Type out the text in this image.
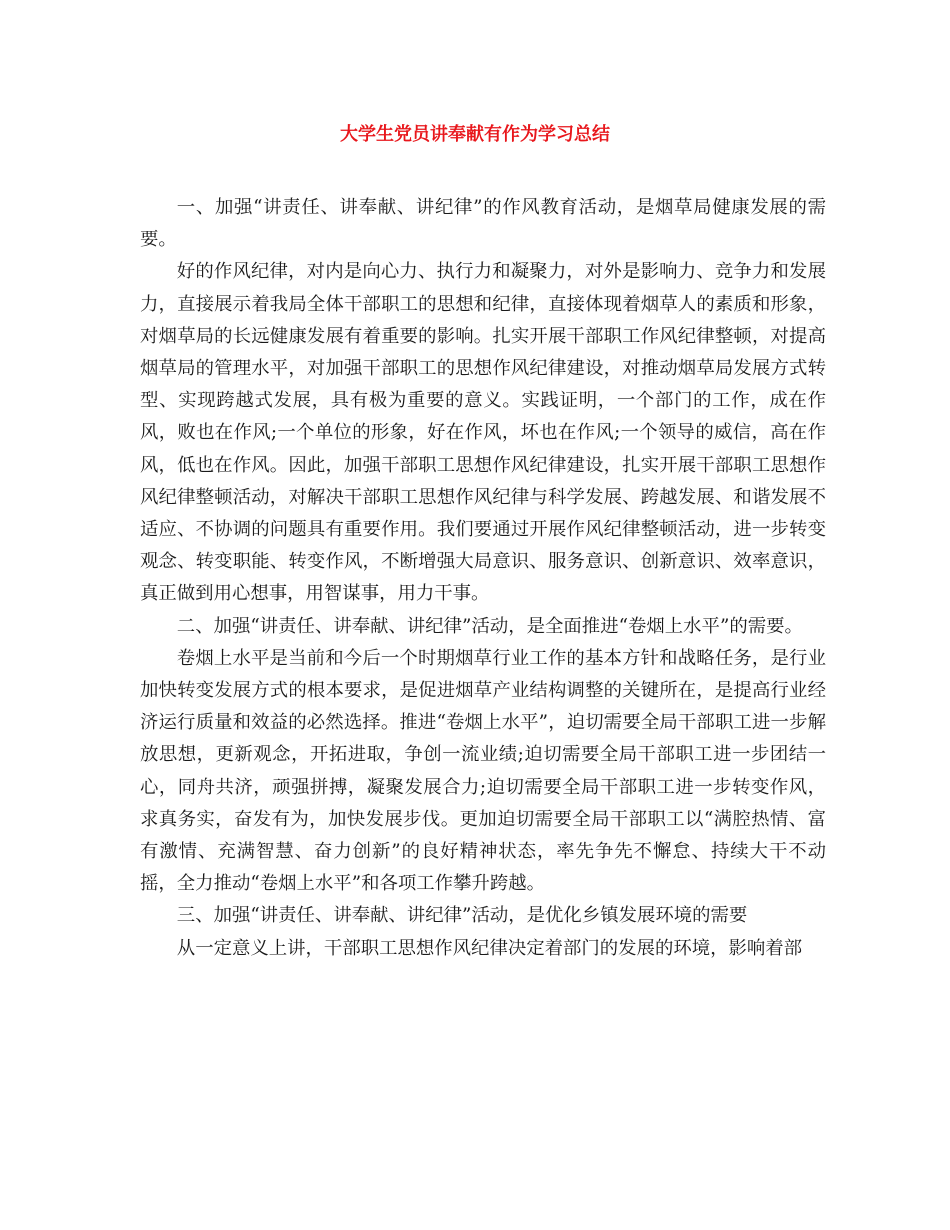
大学生党员讲奉献有作为学习总结

一、加强“讲责任、讲奉献、讲纪律”的作风教育活动，是烟草局健康发展的需要。

好的作风纪律，对内是向心力、执行力和凝聚力，对外是影响力、竞争力和发展力，直接展示着我局全体干部职工的思想和纪律，直接体现着烟草人的素质和形象，对烟草局的长远健康发展有着重要的影响。扎实开展干部职工作风纪律整顿，对提高烟草局的管理水平，对加强干部职工的思想作风纪律建设，对推动烟草局发展方式转型、实现跨越式发展，具有极为重要的意义。实践证明，一个部门的工作，成在作风，败也在作风;一个单位的形象，好在作风，坏也在作风;一个领导的威信，高在作风，低也在作风。因此，加强干部职工思想作风纪律建设，扎实开展干部职工思想作风纪律整顿活动，对解决干部职工思想作风纪律与科学发展、跨越发展、和谐发展不适应、不协调的问题具有重要作用。我们要通过开展作风纪律整顿活动，进一步转变观念、转变职能、转变作风，不断增强大局意识、服务意识、创新意识、效率意识，真正做到用心想事，用智谋事，用力干事。

二、加强“讲责任、讲奉献、讲纪律”活动，是全面推进“卷烟上水平”的需要。

卷烟上水平是当前和今后一个时期烟草行业工作的基本方针和战略任务，是行业加快转变发展方式的根本要求，是促进烟草产业结构调整的关键所在，是提高行业经济运行质量和效益的必然选择。推进“卷烟上水平”，迫切需要全局干部职工进一步解放思想，更新观念，开拓进取，争创一流业绩;迫切需要全局干部职工进一步团结一心，同舟共济，顽强拼搏，凝聚发展合力;迫切需要全局干部职工进一步转变作风，求真务实，奋发有为，加快发展步伐。更加迫切需要全局干部职工以“满腔热情、富有激情、充满智慧、奋力创新”的良好精神状态，率先争先不懈怠、持续大干不动摇，全力推动“卷烟上水平”和各项工作攀升跨越。

三、加强“讲责任、讲奉献、讲纪律”活动，是优化乡镇发展环境的需要

从一定意义上讲，干部职工思想作风纪律决定着部门的发展的环境，影响着部
